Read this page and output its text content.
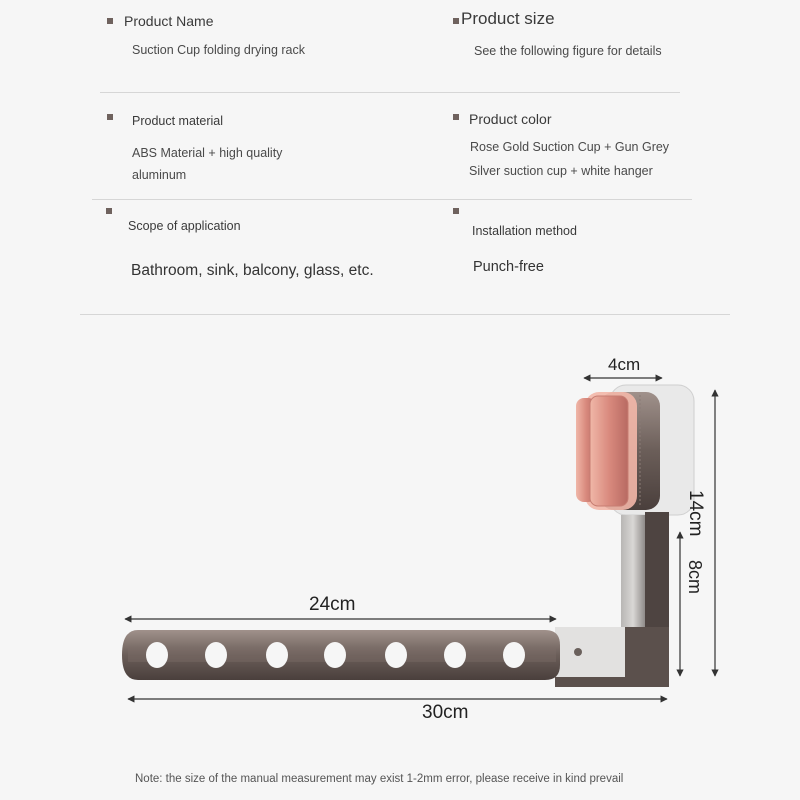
Product Name
Suction Cup folding drying rack
Product size
See the following figure for details
Product material
ABS Material + high quality
aluminum
Product color
Rose Gold Suction Cup + Gun Grey
Silver suction cup + white hanger
Scope of application
Bathroom, sink, balcony, glass, etc.
Installation method
Punch-free
4cm
14cm
8cm
24cm
30cm
Note: the size of the manual measurement may exist 1-2mm error, please receive in kind prevail
